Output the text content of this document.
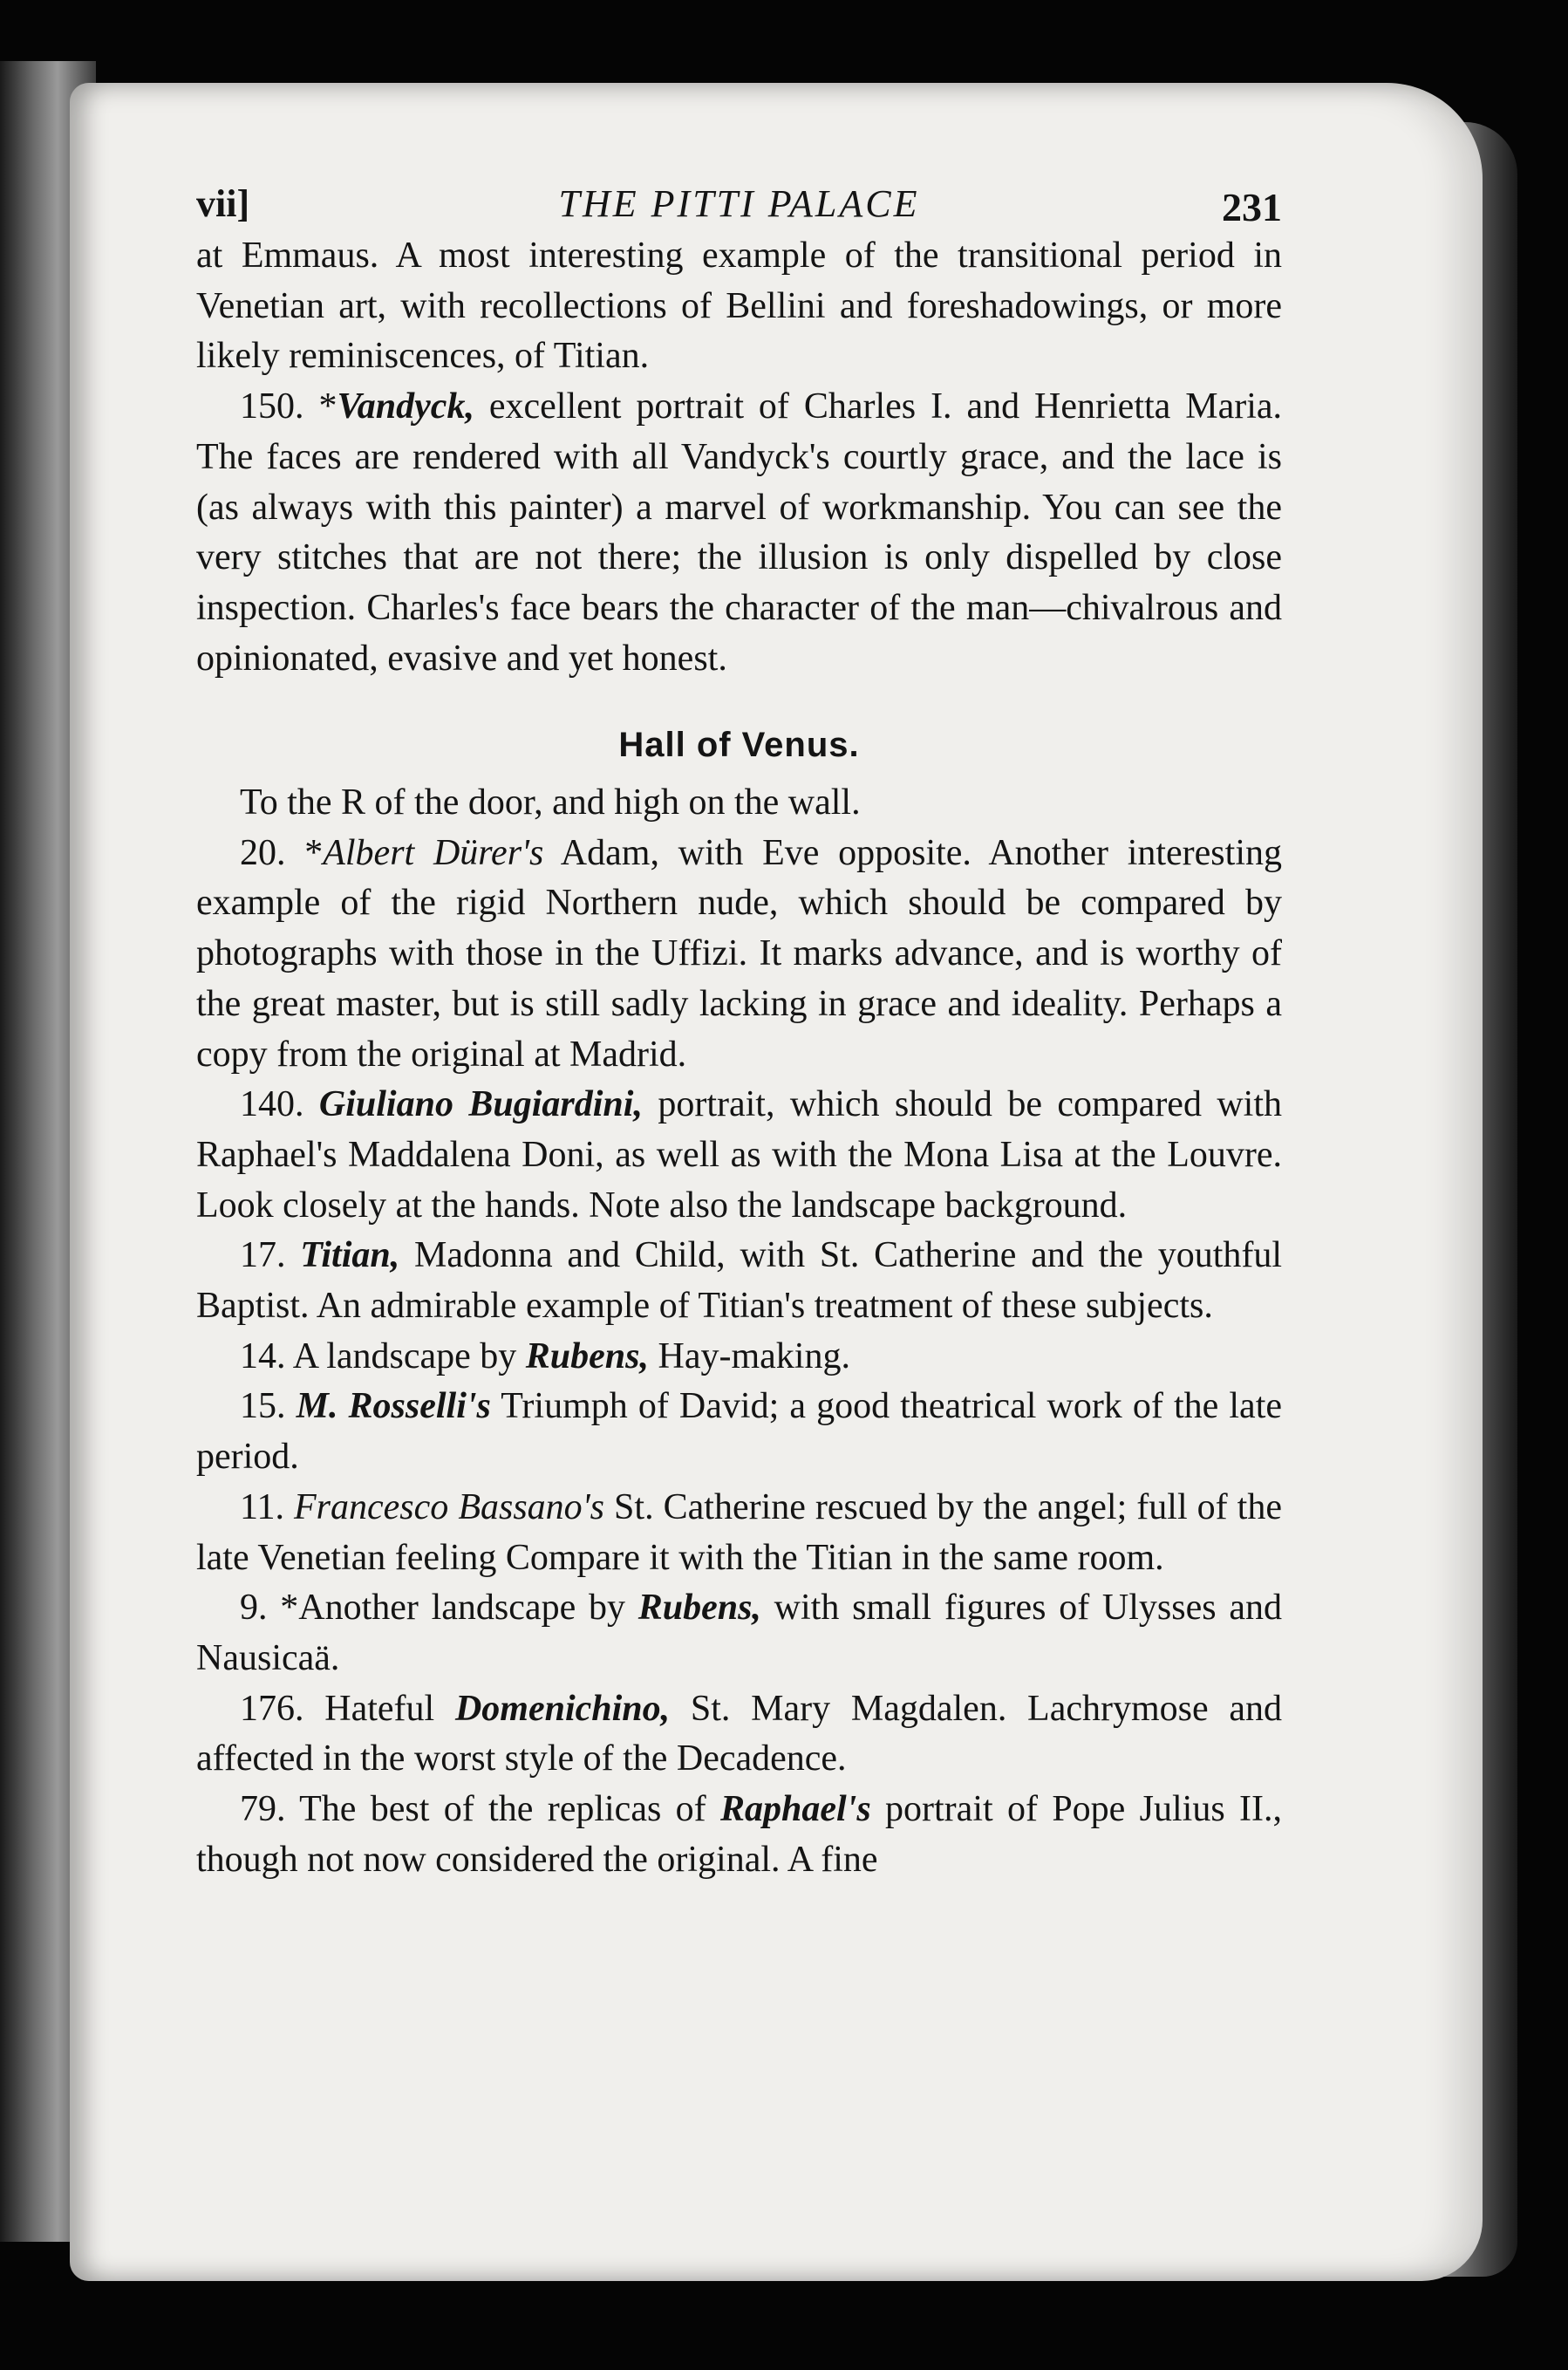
vii]	THE PITTI PALACE	231

at Emmaus. A most interesting example of the transitional period in Venetian art, with recollections of Bellini and foreshadowings, or more likely reminiscences, of Titian.

150. *Vandyck, excellent portrait of Charles I. and Henrietta Maria. The faces are rendered with all Vandyck's courtly grace, and the lace is (as always with this painter) a marvel of workmanship. You can see the very stitches that are not there; the illusion is only dispelled by close inspection. Charles's face bears the character of the man—chivalrous and opinionated, evasive and yet honest.

Hall of Venus.

To the R of the door, and high on the wall.

20. *Albert Dürer's Adam, with Eve opposite. Another interesting example of the rigid Northern nude, which should be compared by photographs with those in the Uffizi. It marks advance, and is worthy of the great master, but is still sadly lacking in grace and ideality. Perhaps a copy from the original at Madrid.

140. Giuliano Bugiardini, portrait, which should be compared with Raphael's Maddalena Doni, as well as with the Mona Lisa at the Louvre. Look closely at the hands. Note also the landscape background.

17. Titian, Madonna and Child, with St. Catherine and the youthful Baptist. An admirable example of Titian's treatment of these subjects.

14. A landscape by Rubens, Hay-making.

15. M. Rosselli's Triumph of David; a good theatrical work of the late period.

11. Francesco Bassano's St. Catherine rescued by the angel; full of the late Venetian feeling Compare it with the Titian in the same room.

9. *Another landscape by Rubens, with small figures of Ulysses and Nausicaä.

176. Hateful Domenichino, St. Mary Magdalen. Lachrymose and affected in the worst style of the Decadence.

79. The best of the replicas of Raphael's portrait of Pope Julius II., though not now considered the original. A fine
